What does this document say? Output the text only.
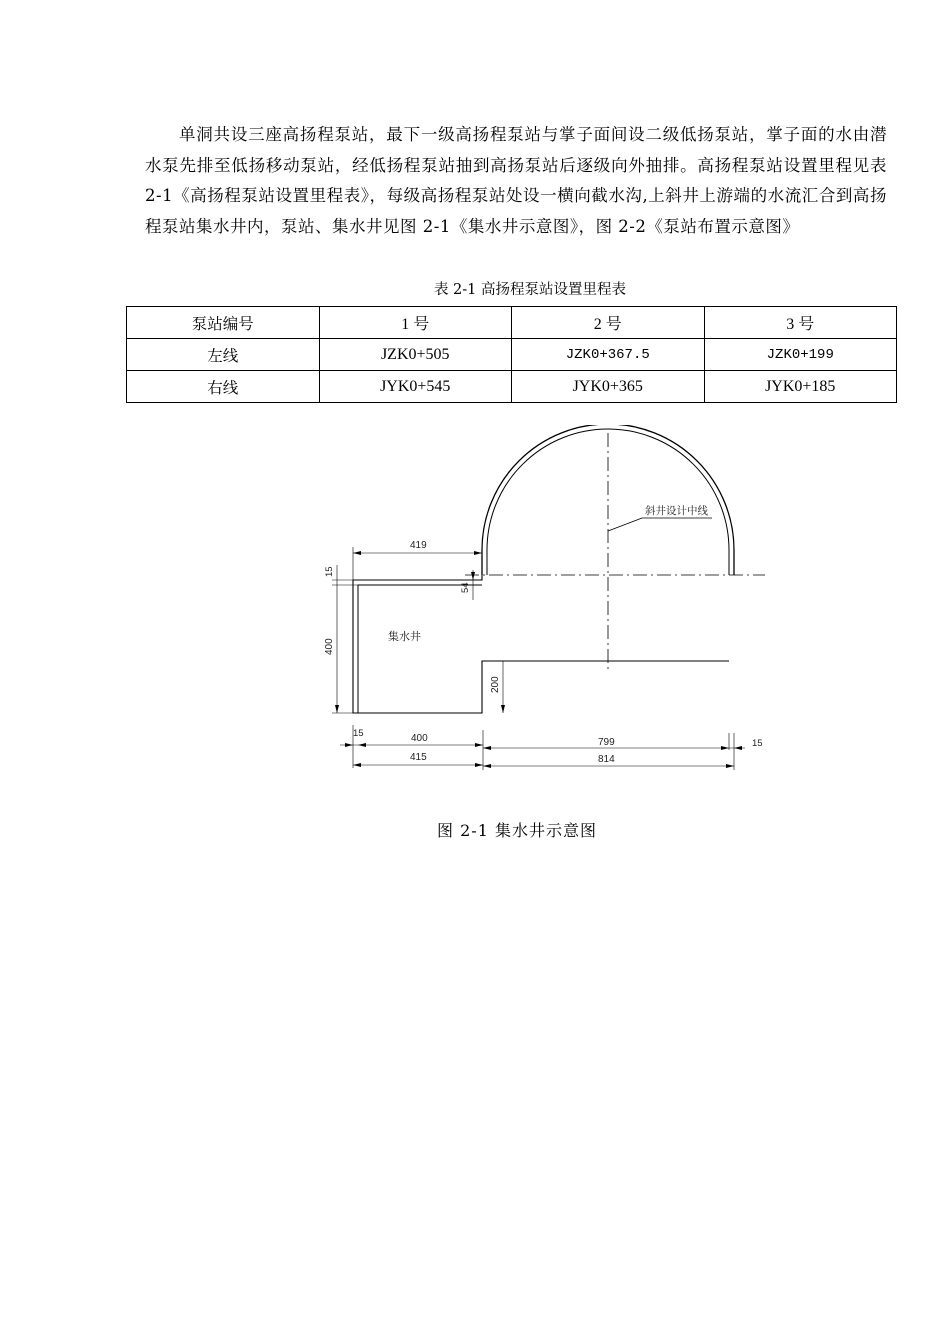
单洞共设三座高扬程泵站，最下一级高扬程泵站与掌子面间设二级低扬泵站，掌子面的水由潜水泵先排至低扬移动泵站，经低扬程泵站抽到高扬泵站后逐级向外抽排。高扬程泵站设置里程见表 2-1《高扬程泵站设置里程表》，每级高扬程泵站处设一横向截水沟,上斜井上游端的水流汇合到高扬程泵站集水井内，泵站、集水井见图 2-1《集水井示意图》，图 2-2《泵站布置示意图》

表 2-1 高扬程泵站设置里程表
泵站编号	1 号	2 号	3 号
左线	JZK0+505	JZK0+367.5	JZK0+199
右线	JYK0+545	JYK0+365	JYK0+185
斜井设计中线
集水井
419
15
400
54
200
15	400
415
799	15
814
图 2-1 集水井示意图
